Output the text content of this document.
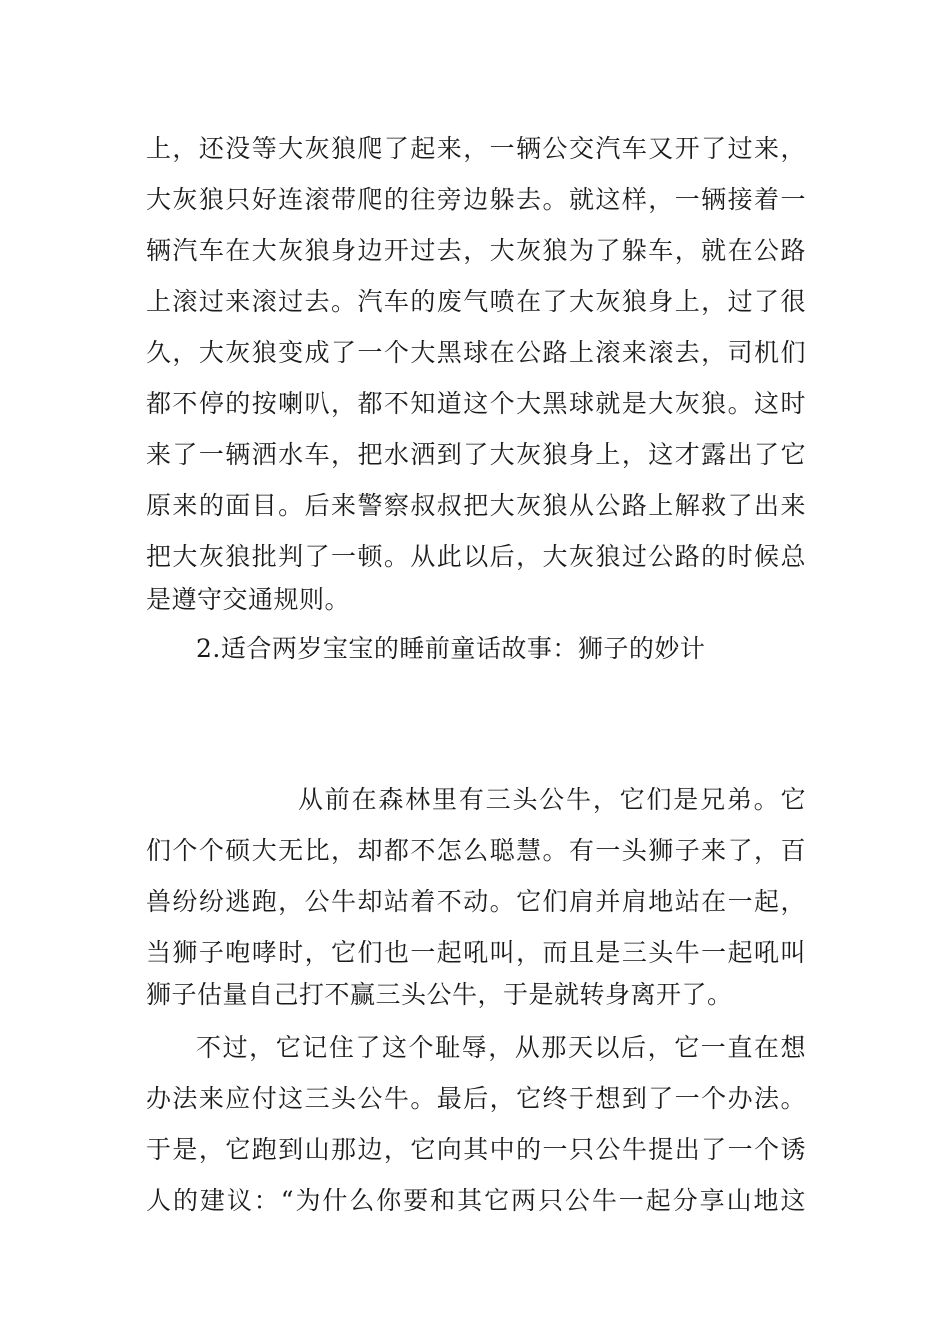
上，还没等大灰狼爬了起来，一辆公交汽车又开了过来，
大灰狼只好连滚带爬的往旁边躲去。就这样，一辆接着一
辆汽车在大灰狼身边开过去，大灰狼为了躲车，就在公路
上滚过来滚过去。汽车的废气喷在了大灰狼身上，过了很
久，大灰狼变成了一个大黑球在公路上滚来滚去，司机们
都不停的按喇叭，都不知道这个大黑球就是大灰狼。这时
来了一辆洒水车，把水洒到了大灰狼身上，这才露出了它
原来的面目。后来警察叔叔把大灰狼从公路上解救了出来
把大灰狼批判了一顿。从此以后，大灰狼过公路的时候总
是遵守交通规则。
2.适合两岁宝宝的睡前童话故事：狮子的妙计
从前在森林里有三头公牛，它们是兄弟。它
们个个硕大无比，却都不怎么聪慧。有一头狮子来了，百
兽纷纷逃跑，公牛却站着不动。它们肩并肩地站在一起，
当狮子咆哮时，它们也一起吼叫，而且是三头牛一起吼叫
狮子估量自己打不赢三头公牛，于是就转身离开了。
不过，它记住了这个耻辱，从那天以后，它一直在想
办法来应付这三头公牛。最后，它终于想到了一个办法。
于是，它跑到山那边，它向其中的一只公牛提出了一个诱
人的建议：“为什么你要和其它两只公牛一起分享山地这
